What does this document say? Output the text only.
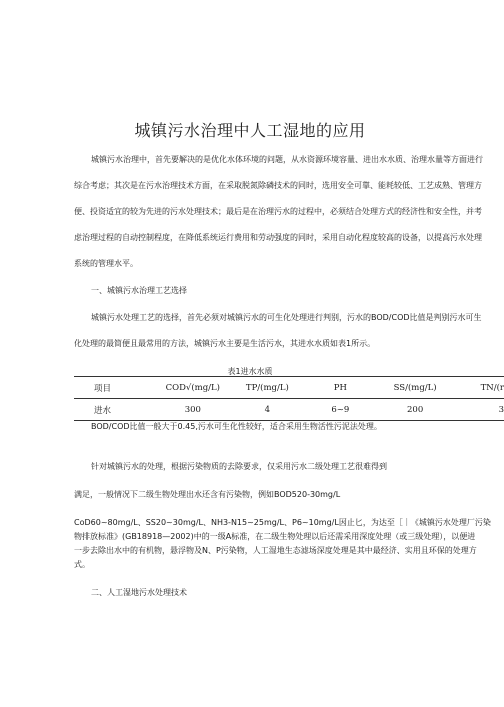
城镇污水治理中人工湿地的应用
城镇污水治理中，首先要解决的是优化水体环境的问题，从水资源环境容量、进出水水质、治理水量等方面进行
综合考虑；其次是在污水治理技术方面，在采取脱氮除磷技术的同时，选用安全可靠、能耗较低、工艺成熟、管理方
便、投资适宜的较为先进的污水处理技术；最后是在治理污水的过程中，必须结合处理方式的经济性和安全性，并考
虑治理过程的自动控制程度，在降低系统运行费用和劳动强度的同时，采用自动化程度较高的设备，以提高污水处理
系统的管理水平。
一、城镇污水治理工艺选择
城镇污水处理工艺的选择，首先必须对城镇污水的可生化处理进行判别，污水的BOD/COD比值是判别污水可生
化处理的最简便且最常用的方法，城镇污水主要是生活污水，其进水水质如表1所示。
表1进水水质
项目	COD√(mg/L)	TP/(mg/L)	PH	SS/(mg/L)	TN/(r
进水	300	4	6~9	200	3
BOD/COD比值一般大于0.45,污水可生化性较好，适合采用生物活性污泥法处理。
针对城镇污水的处理，根据污染物质的去除要求，仅采用污水二级处理工艺很难得到
满足，一般情况下二级生物处理出水还含有污染物，例如BOD520-30mg/L
CoD60~80mg/L、SS20~30mg/L、NH3-N15~25mg/L、P6~10mg/L因止匕，为达至［｜《城镇污水处理厂污染
物排放标准》(GB18918—2002)中的一级A标准，在二级生物处理以后还需采用深度处理（或三级处理），以便进
一步去除出水中的有机物，悬浮物及N、P污染物，人工湿地生态滤场深度处理是其中最经济、实用且环保的处理方
式。
二、人工湿地污水处理技术
